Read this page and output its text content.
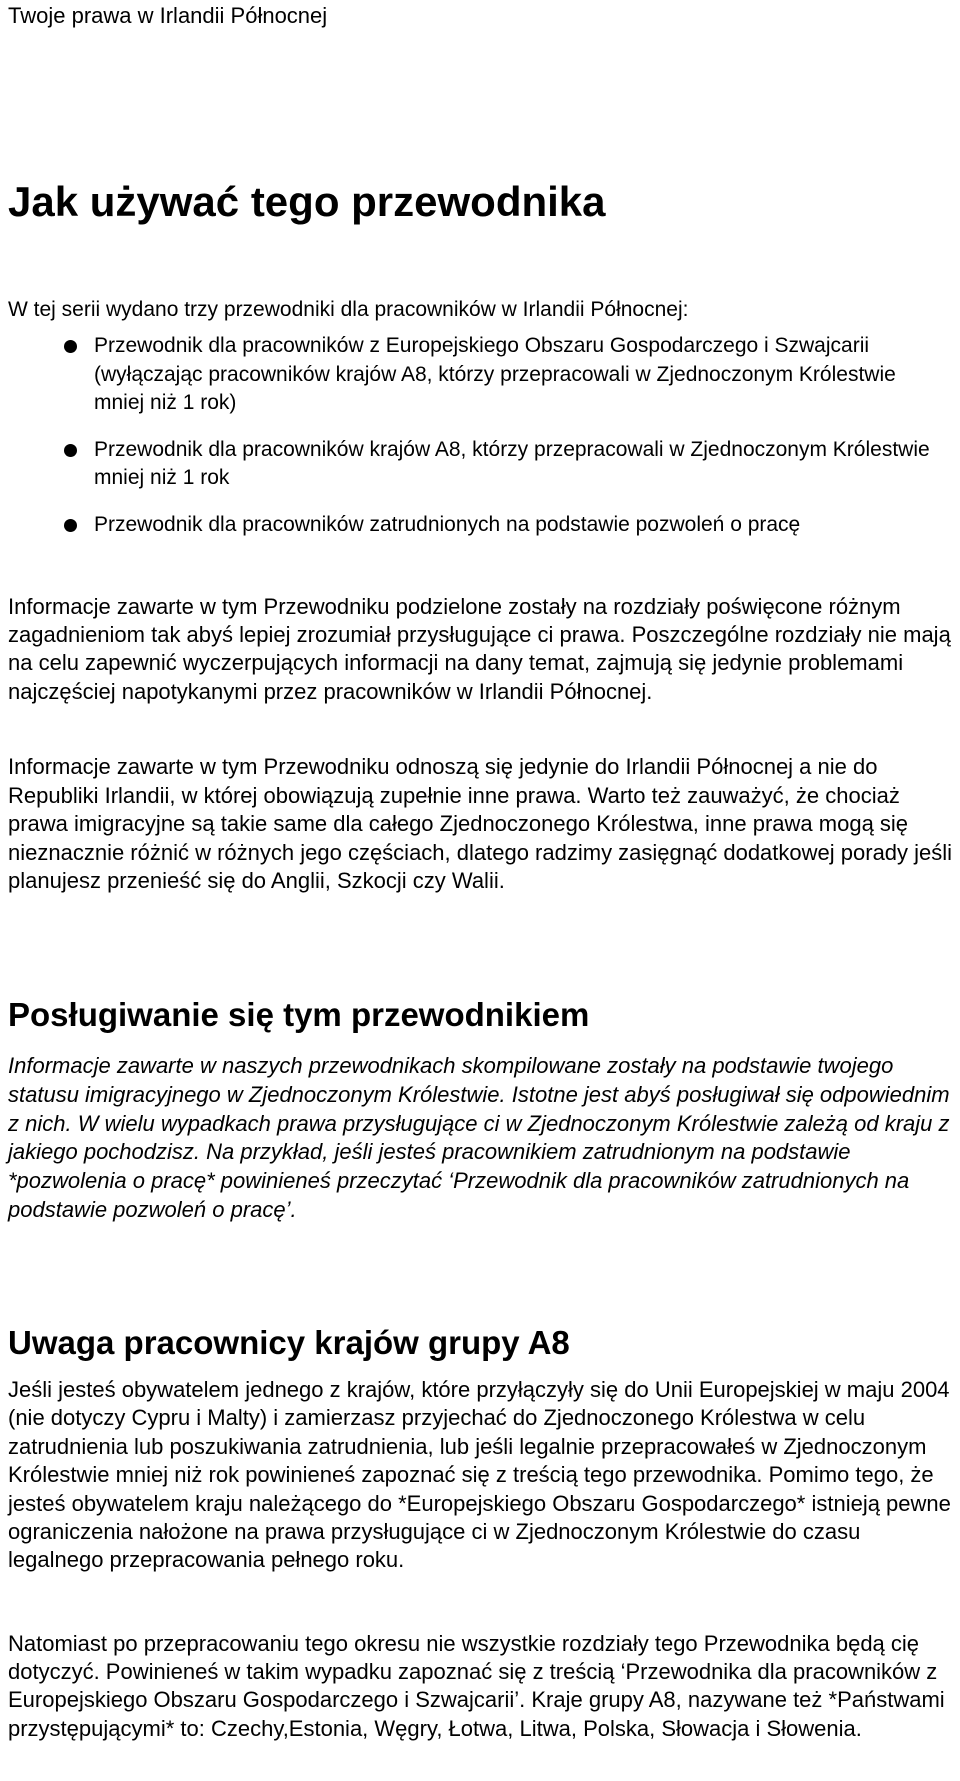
Twoje prawa w Irlandii Północnej
Jak używać tego przewodnika

W tej serii wydano trzy przewodniki dla pracowników w Irlandii Północnej:

Przewodnik dla pracowników z Europejskiego Obszaru Gospodarczego i Szwajcarii (wyłączając pracowników krajów A8, którzy przepracowali w Zjednoczonym Królestwie mniej niż 1 rok)
Przewodnik dla pracowników krajów A8, którzy przepracowali w Zjednoczonym Królestwie mniej niż 1 rok
Przewodnik dla pracowników zatrudnionych na podstawie pozwoleń o pracę

Informacje zawarte w tym Przewodniku podzielone zostały na rozdziały poświęcone różnym zagadnieniom tak abyś lepiej zrozumiał przysługujące ci prawa. Poszczególne rozdziały nie mają na celu zapewnić wyczerpujących informacji na dany temat, zajmują się jedynie problemami najczęściej napotykanymi przez pracowników w Irlandii Północnej.

Informacje zawarte w tym Przewodniku odnoszą się jedynie do Irlandii Północnej a nie do Republiki Irlandii, w której obowiązują zupełnie inne prawa. Warto też zauważyć, że chociaż prawa imigracyjne są takie same dla całego Zjednoczonego Królestwa, inne prawa mogą się nieznacznie różnić w różnych jego częściach, dlatego radzimy zasięgnąć dodatkowej porady jeśli planujesz przenieść się do Anglii, Szkocji czy Walii.

Posługiwanie się tym przewodnikiem

Informacje zawarte w naszych przewodnikach skompilowane zostały na podstawie twojego statusu imigracyjnego w Zjednoczonym Królestwie. Istotne jest abyś posługiwał się odpowiednim z nich. W wielu wypadkach prawa przysługujące ci w Zjednoczonym Królestwie zależą od kraju z jakiego pochodzisz. Na przykład, jeśli jesteś pracownikiem zatrudnionym na podstawie *pozwolenia o pracę* powinieneś przeczytać ‘Przewodnik dla pracowników zatrudnionych na podstawie pozwoleń o pracę’.

Uwaga pracownicy krajów grupy A8

Jeśli jesteś obywatelem jednego z krajów, które przyłączyły się do Unii Europejskiej w maju 2004 (nie dotyczy Cypru i Malty) i zamierzasz przyjechać do Zjednoczonego Królestwa w celu zatrudnienia lub poszukiwania zatrudnienia, lub jeśli legalnie przepracowałeś w Zjednoczonym Królestwie mniej niż rok powinieneś zapoznać się z treścią tego przewodnika. Pomimo tego, że jesteś obywatelem kraju należącego do *Europejskiego Obszaru Gospodarczego* istnieją pewne ograniczenia nałożone na prawa przysługujące ci w Zjednoczonym Królestwie do czasu legalnego przepracowania pełnego roku.

Natomiast po przepracowaniu tego okresu nie wszystkie rozdziały tego Przewodnika będą cię dotyczyć. Powinieneś w takim wypadku zapoznać się z treścią ‘Przewodnika dla pracowników z Europejskiego Obszaru Gospodarczego i Szwajcarii’. Kraje grupy A8, nazywane też *Państwami przystępującymi* to: Czechy,Estonia, Węgry, Łotwa, Litwa, Polska, Słowacja i Słowenia.
